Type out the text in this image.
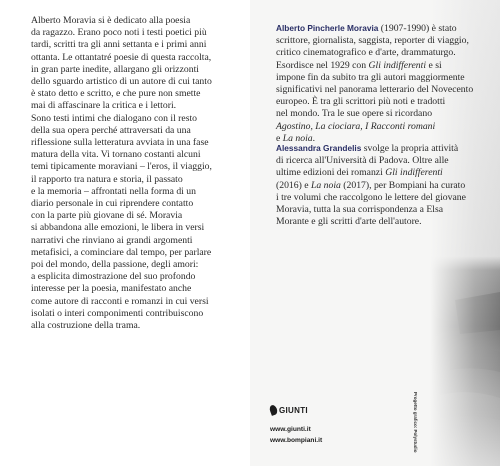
Alberto Moravia si è dedicato alla poesia
da ragazzo. Erano poco noti i testi poetici più
tardi, scritti tra gli anni settanta e i primi anni
ottanta. Le ottantatré poesie di questa raccolta,
in gran parte inedite, allargano gli orizzonti
dello sguardo artistico di un autore di cui tanto
è stato detto e scritto, e che pure non smette
mai di affascinare la critica e i lettori.
Sono testi intimi che dialogano con il resto
della sua opera perché attraversati da una
riflessione sulla letteratura avviata in una fase
matura della vita. Vi tornano costanti alcuni
temi tipicamente moraviani – l'eros, il viaggio,
il rapporto tra natura e storia, il passato
e la memoria – affrontati nella forma di un
diario personale in cui riprendere contatto
con la parte più giovane di sé. Moravia
si abbandona alle emozioni, le libera in versi
narrativi che rinviano ai grandi argomenti
metafisici, a cominciare dal tempo, per parlare
poi del mondo, della passione, degli amori:
a esplicita dimostrazione del suo profondo
interesse per la poesia, manifestato anche
come autore di racconti e romanzi in cui versi
isolati o interi componimenti contribuiscono
alla costruzione della trama.
Alberto Pincherle Moravia (1907-1990) è stato
scrittore, giornalista, saggista, reporter di viaggio,
critico cinematografico e d'arte, drammaturgo.
Esordisce nel 1929 con Gli indifferenti e si
impone fin da subito tra gli autori maggiormente
significativi nel panorama letterario del Novecento
europeo. È tra gli scrittori più noti e tradotti
nel mondo. Tra le sue opere si ricordano
Agostino, La ciociara, I Racconti romani
e La noia.
Alessandra Grandelis svolge la propria attività
di ricerca all'Università di Padova. Oltre alle
ultime edizioni dei romanzi Gli indifferenti
(2016) e La noia (2017), per Bompiani ha curato
i tre volumi che raccolgono le lettere del giovane
Moravia, tutta la sua corrispondenza a Elsa
Morante e gli scritti d'arte dell'autore.
GIUNTI
www.giunti.it
www.bompiani.it	Progetto grafico: Polystudio
